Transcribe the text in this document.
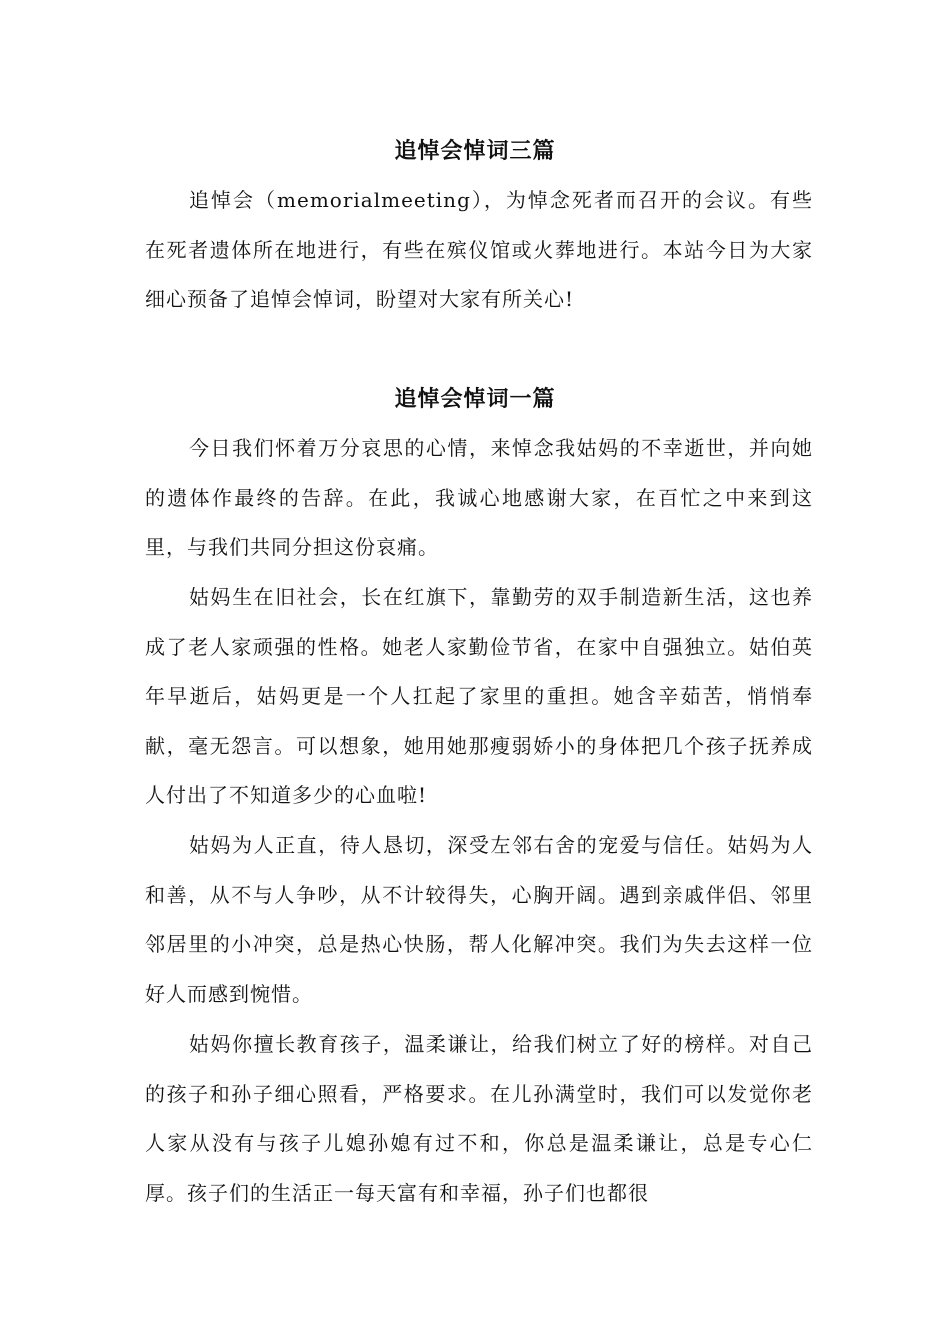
追悼会悼词三篇

追悼会（memorialmeeting），为悼念死者而召开的会议。有些在死者遗体所在地进行，有些在殡仪馆或火葬地进行。本站今日为大家细心预备了追悼会悼词，盼望对大家有所关心!

追悼会悼词一篇

今日我们怀着万分哀思的心情，来悼念我姑妈的不幸逝世，并向她的遗体作最终的告辞。在此，我诚心地感谢大家，在百忙之中来到这里，与我们共同分担这份哀痛。

姑妈生在旧社会，长在红旗下，靠勤劳的双手制造新生活，这也养成了老人家顽强的性格。她老人家勤俭节省，在家中自强独立。姑伯英年早逝后，姑妈更是一个人扛起了家里的重担。她含辛茹苦，悄悄奉献，毫无怨言。可以想象，她用她那瘦弱娇小的身体把几个孩子抚养成人付出了不知道多少的心血啦!

姑妈为人正直，待人恳切，深受左邻右舍的宠爱与信任。姑妈为人和善，从不与人争吵，从不计较得失，心胸开阔。遇到亲戚伴侣、邻里邻居里的小冲突，总是热心快肠，帮人化解冲突。我们为失去这样一位好人而感到惋惜。

姑妈你擅长教育孩子，温柔谦让，给我们树立了好的榜样。对自己的孩子和孙子细心照看，严格要求。在儿孙满堂时，我们可以发觉你老人家从没有与孩子儿媳孙媳有过不和，你总是温柔谦让，总是专心仁厚。孩子们的生活正一每天富有和幸福，孙子们也都很
